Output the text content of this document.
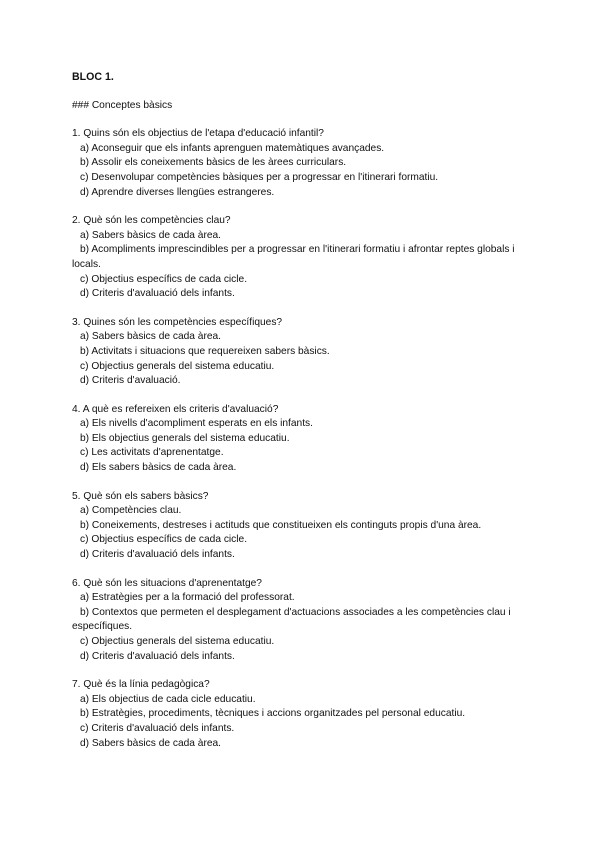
BLOC 1.
### Conceptes bàsics

1. Quins són els objectius de l'etapa d'educació infantil?

a) Aconseguir que els infants aprenguen matemàtiques avançades.

b) Assolir els coneixements bàsics de les àrees curriculars.

c) Desenvolupar competències bàsiques per a progressar en l'itinerari formatiu.

d) Aprendre diverses llengües estrangeres.

2. Què són les competències clau?

a) Sabers bàsics de cada àrea.

b) Acompliments imprescindibles per a progressar en l'itinerari formatiu i afrontar reptes globals i locals.

c) Objectius específics de cada cicle.

d) Criteris d'avaluació dels infants.

3. Quines són les competències específiques?

a) Sabers bàsics de cada àrea.

b) Activitats i situacions que requereixen sabers bàsics.

c) Objectius generals del sistema educatiu.

d) Criteris d'avaluació.

4. A què es refereixen els criteris d'avaluació?

a) Els nivells d'acompliment esperats en els infants.

b) Els objectius generals del sistema educatiu.

c) Les activitats d'aprenentatge.

d) Els sabers bàsics de cada àrea.

5. Què són els sabers bàsics?

a) Competències clau.

b) Coneixements, destreses i actituds que constitueixen els continguts propis d'una àrea.

c) Objectius específics de cada cicle.

d) Criteris d'avaluació dels infants.

6. Què són les situacions d'aprenentatge?

a) Estratègies per a la formació del professorat.

b) Contextos que permeten el desplegament d'actuacions associades a les competències clau i específiques.

c) Objectius generals del sistema educatiu.

d) Criteris d'avaluació dels infants.

7. Què és la línia pedagògica?

a) Els objectius de cada cicle educatiu.

b) Estratègies, procediments, tècniques i accions organitzades pel personal educatiu.

c) Criteris d'avaluació dels infants.

d) Sabers bàsics de cada àrea.
